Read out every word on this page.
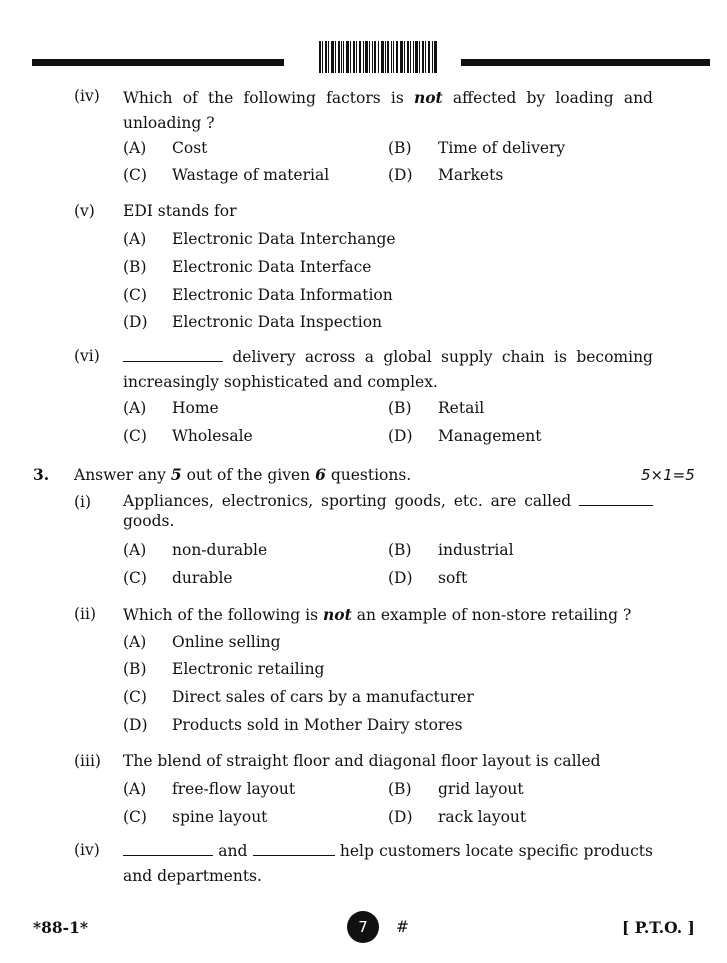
(iv) Which of the following factors is not affected by loading and
unloading ?
(A) Cost	(B) Time of delivery
(C) Wastage of material	(D) Markets
(v) EDI stands for
(A) Electronic Data Interchange
(B) Electronic Data Interface
(C) Electronic Data Information
(D) Electronic Data Inspection
(vi)	delivery across a global supply chain is becoming
increasingly sophisticated and complex.
(A) Home	(B) Retail
(C) Wholesale	(D) Management
3. Answer any 5 out of the given 6 questions.	5×1=5
(i) Appliances, electronics, sporting goods, etc. are called
goods.
(A) non-durable	(B) industrial
(C) durable	(D) soft
(ii) Which of the following is not an example of non-store retailing ?
(A) Online selling
(B) Electronic retailing
(C) Direct sales of cars by a manufacturer
(D) Products sold in Mother Dairy stores
(iii) The blend of straight floor and diagonal floor layout is called
(A) free-flow layout	(B) grid layout
(C) spine layout	(D) rack layout
(iv)	and	help customers locate specific products
and departments.
*88-1*	7	#	[ P.T.O. ]
